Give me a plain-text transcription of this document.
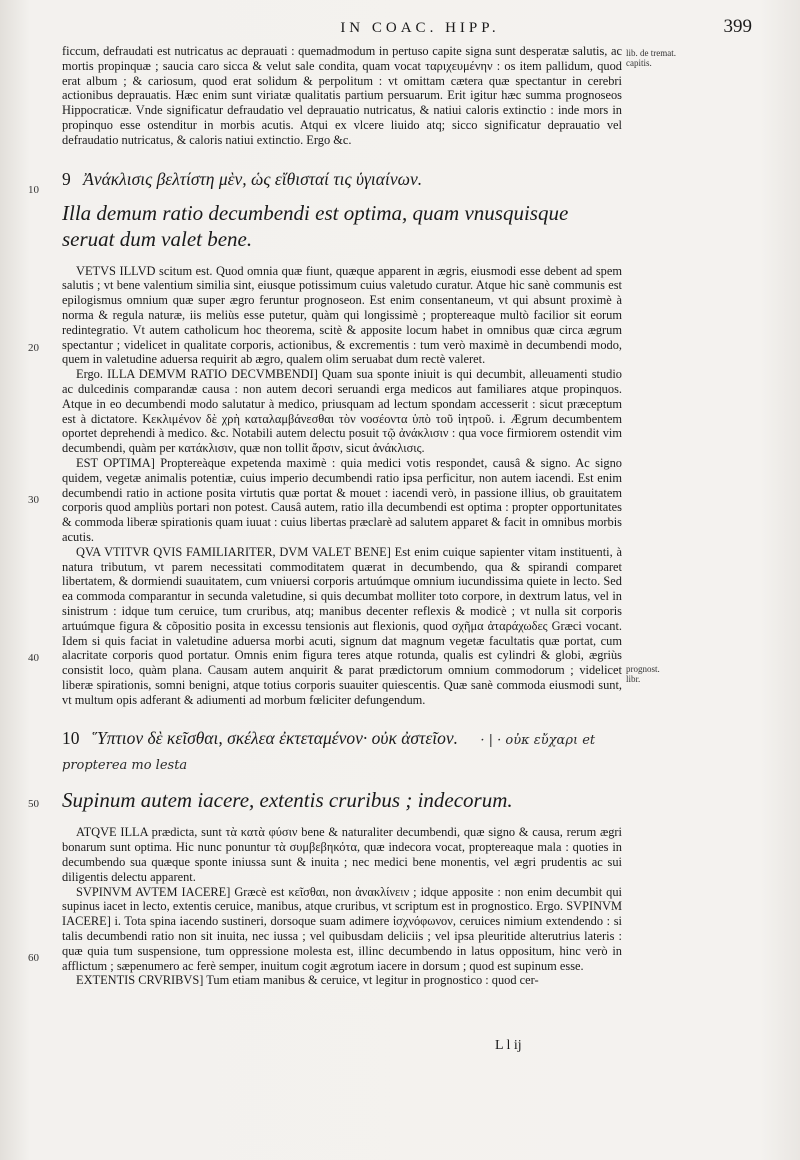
IN COAC. HIPP.	399
lib. de tremat. capitis.
prognost. libr.
10
20
30
40
50
60

ficcum, defraudati est nutricatus ac deprauati : quemadmodum in pertuso capite signa sunt desperatæ salutis, ac mortis propinquæ ; saucia caro sicca & velut sale condita, quam vocat ταριχευμένην : os item pallidum, quod erat album ; & cariosum, quod erat solidum & perpolitum : vt omittam cætera quæ spectantur in cerebri actionibus deprauatis. Hæc enim sunt viriatæ qualitatis partium persuarum. Erit igitur hæc summa prognoseos Hippocraticæ. Vnde significatur defraudatio vel deprauatio nutricatus, & natiui caloris extinctio : inde mors in propinquo esse ostenditur in morbis acutis. Atqui ex vlcere liuido atq; sicco significatur deprauatio vel defraudatio nutricatus, & caloris natiui extinctio. Ergo &c.

9 Ἀνάκλισις βελτίστη μὲν, ὡς εἴθισταί τις ὑγιαίνων.
Illa demum ratio decumbendi est optima, quam vnusquisque seruat dum valet bene.

VETVS ILLVD scitum est. Quod omnia quæ fiunt, quæque apparent in ægris, eiusmodi esse debent ad spem salutis ; vt bene valentium similia sint, eiusque potissimum cuius valetudo curatur. Atque hic sanè communis est epilogismus omnium quæ super ægro feruntur prognoseon. Est enim consentaneum, vt qui absunt proximè à norma & regula naturæ, iis meliùs esse putetur, quàm qui longissimè ; proptereaque multò facilior sit eorum redintegratio. Vt autem catholicum hoc theorema, scitè & apposite locum habet in omnibus quæ circa ægrum spectantur ; videlicet in qualitate corporis, actionibus, & excrementis : tum verò maximè in decumbendi modo, quem in valetudine aduersa requirit ab ægro, qualem olim seruabat dum rectè valeret.

Ergo. ILLA DEMVM RATIO DECVMBENDI] Quam sua sponte iniuit is qui decumbit, alleuamenti studio ac dulcedinis comparandæ causa : non autem decori seruandi erga medicos aut familiares atque propinquos. Atque in eo decumbendi modo salutatur à medico, priusquam ad lectum spondam accesserit : sicut præceptum est à dictatore. Κεκλιμένον δὲ χρὴ καταλαμβάνεσθαι τὸν νοσέοντα ὑπὸ τοῦ ἰητροῦ. i. Ægrum decumbentem oportet deprehendi à medico. &c. Notabili autem delectu posuit τῷ ἀνάκλισιν : qua voce firmiorem ostendit vim decumbendi, quàm per κατάκλισιν, quæ non tollit ἄρσιν, sicut ἀνάκλισις.

EST OPTIMA] Proptereàque expetenda maximè : quia medici votis respondet, causâ & signo. Ac signo quidem, vegetæ animalis potentiæ, cuius imperio decumbendi ratio ipsa perficitur, non autem iacendi. Est enim decumbendi ratio in actione posita virtutis quæ portat & mouet : iacendi verò, in passione illius, ob grauitatem corporis quod ampliùs portari non potest. Causâ autem, ratio illa decumbendi est optima : propter opportunitates & commoda liberæ spirationis quam iuuat : cuius libertas præclarè ad salutem apparet & facit in omnibus morbis acutis.

QVA VTITVR QVIS FAMILIARITER, DVM VALET BENE] Est enim cuique sapienter vitam instituenti, à natura tributum, vt parem necessitati commoditatem quærat in decumbendo, qua & spirandi comparet libertatem, & dormiendi suauitatem, cum vniuersi corporis artuúmque omnium iucundissima quiete in lecto. Sed ea commoda comparantur in secunda valetudine, si quis decumbat molliter toto corpore, in dextrum latus, vel in sinistrum : idque tum ceruice, tum cruribus, atq; manibus decenter reflexis & modicè ; vt nulla sit corporis artuúmque figura & cõpositio posita in excessu tensionis aut flexionis, quod σχῆμα ἀταράχωδες Græci vocant. Idem si quis faciat in valetudine aduersa morbi acuti, signum dat magnum vegetæ facultatis quæ portat, cum alacritate corporis quod portatur. Omnis enim figura teres atque rotunda, qualis est cylindri & globi, ægriùs consistit loco, quàm plana. Causam autem anquirit & parat prædictorum omnium commodorum ; videlicet liberæ spirationis, somni benigni, atque totius corporis suauiter quiescentis. Quæ sanè commoda eiusmodi sunt, vt multum opis adferant & adiumenti ad morbum fœliciter defungendum.

10 Ὕπτιον δὲ κεῖσθαι, σκέλεα ἐκτεταμένον· οὐκ ἀστεῖον. · | · οὐκ εὔχαρι et propterea mo lesta
Supinum autem iacere, extentis cruribus ; indecorum.

ATQVE ILLA prædicta, sunt τὰ κατὰ φύσιν bene & naturaliter decumbendi, quæ signo & causa, rerum ægri bonarum sunt optima. Hic nunc ponuntur τὰ συμβεβηκότα, quæ indecora vocat, proptereaque mala : quoties in decumbendo sua quæque sponte iniussa sunt & inuita ; nec medici bene monentis, vel ægri prudentis ac sui diligentis delectu apparent.

SVPINVM AVTEM IACERE] Græcè est κεῖσθαι, non ἀνακλίνειν ; idque apposite : non enim decumbit qui supinus iacet in lecto, extentis ceruice, manibus, atque cruribus, vt scriptum est in prognostico. Ergo. SVPINVM IACERE] i. Tota spina iacendo sustineri, dorsoque suam adimere ἰσχνόφωνον, ceruices nimium extendendo : si talis decumbendi ratio non sit inuita, nec iussa ; vel quibusdam deliciis ; vel ipsa pleuritide alterutrius lateris : quæ quia tum suspensione, tum oppressione molesta est, illinc decumbendo in latus oppositum, hinc verò in afflictum ; sæpenumero ac ferè semper, inuitum cogit ægrotum iacere in dorsum ; quod est supinum esse.

EXTENTIS CRVRIBVS] Tum etiam manibus & ceruice, vt legitur in prognostico : quod cer-

L l ij
